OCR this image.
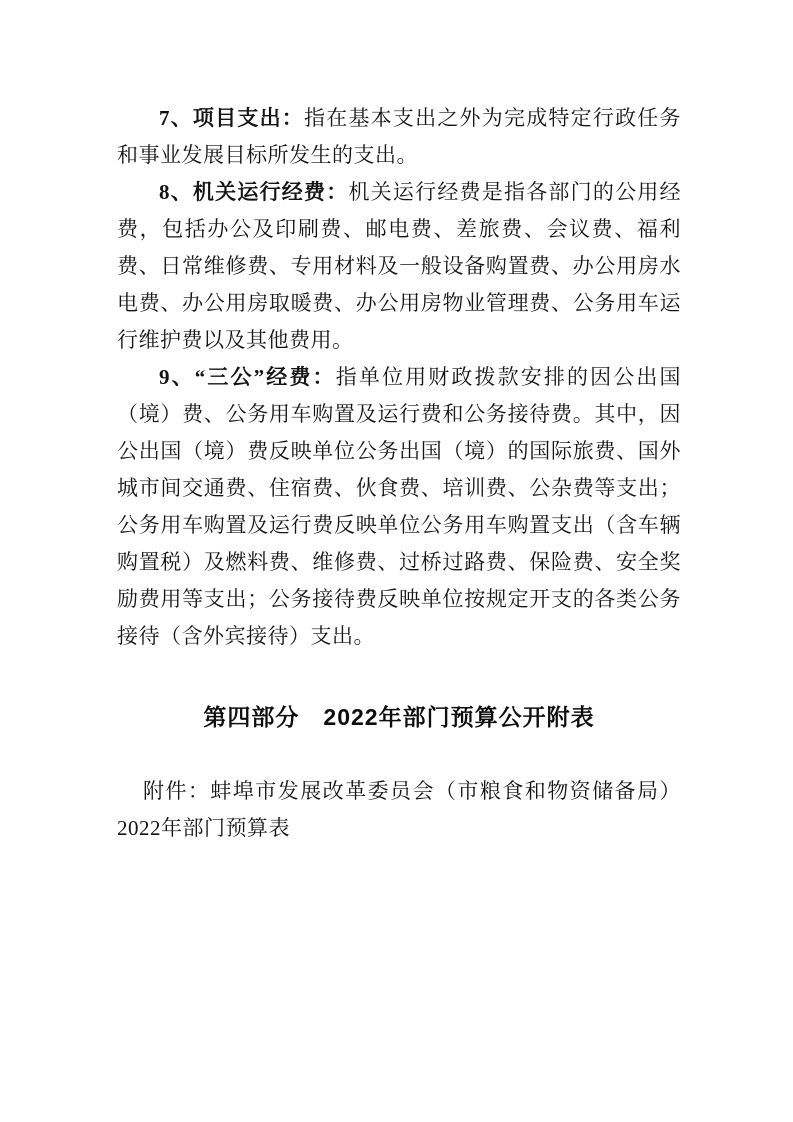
7、项目支出：指在基本支出之外为完成特定行政任务和事业发展目标所发生的支出。

8、机关运行经费：机关运行经费是指各部门的公用经费，包括办公及印刷费、邮电费、差旅费、会议费、福利费、日常维修费、专用材料及一般设备购置费、办公用房水电费、办公用房取暖费、办公用房物业管理费、公务用车运行维护费以及其他费用。

9、“三公”经费：指单位用财政拨款安排的因公出国（境）费、公务用车购置及运行费和公务接待费。其中，因公出国（境）费反映单位公务出国（境）的国际旅费、国外城市间交通费、住宿费、伙食费、培训费、公杂费等支出；公务用车购置及运行费反映单位公务用车购置支出（含车辆购置税）及燃料费、维修费、过桥过路费、保险费、安全奖励费用等支出；公务接待费反映单位按规定开支的各类公务接待（含外宾接待）支出。

第四部分　2022年部门预算公开附表

附件：蚌埠市发展改革委员会（市粮食和物资储备局）2022年部门预算表
